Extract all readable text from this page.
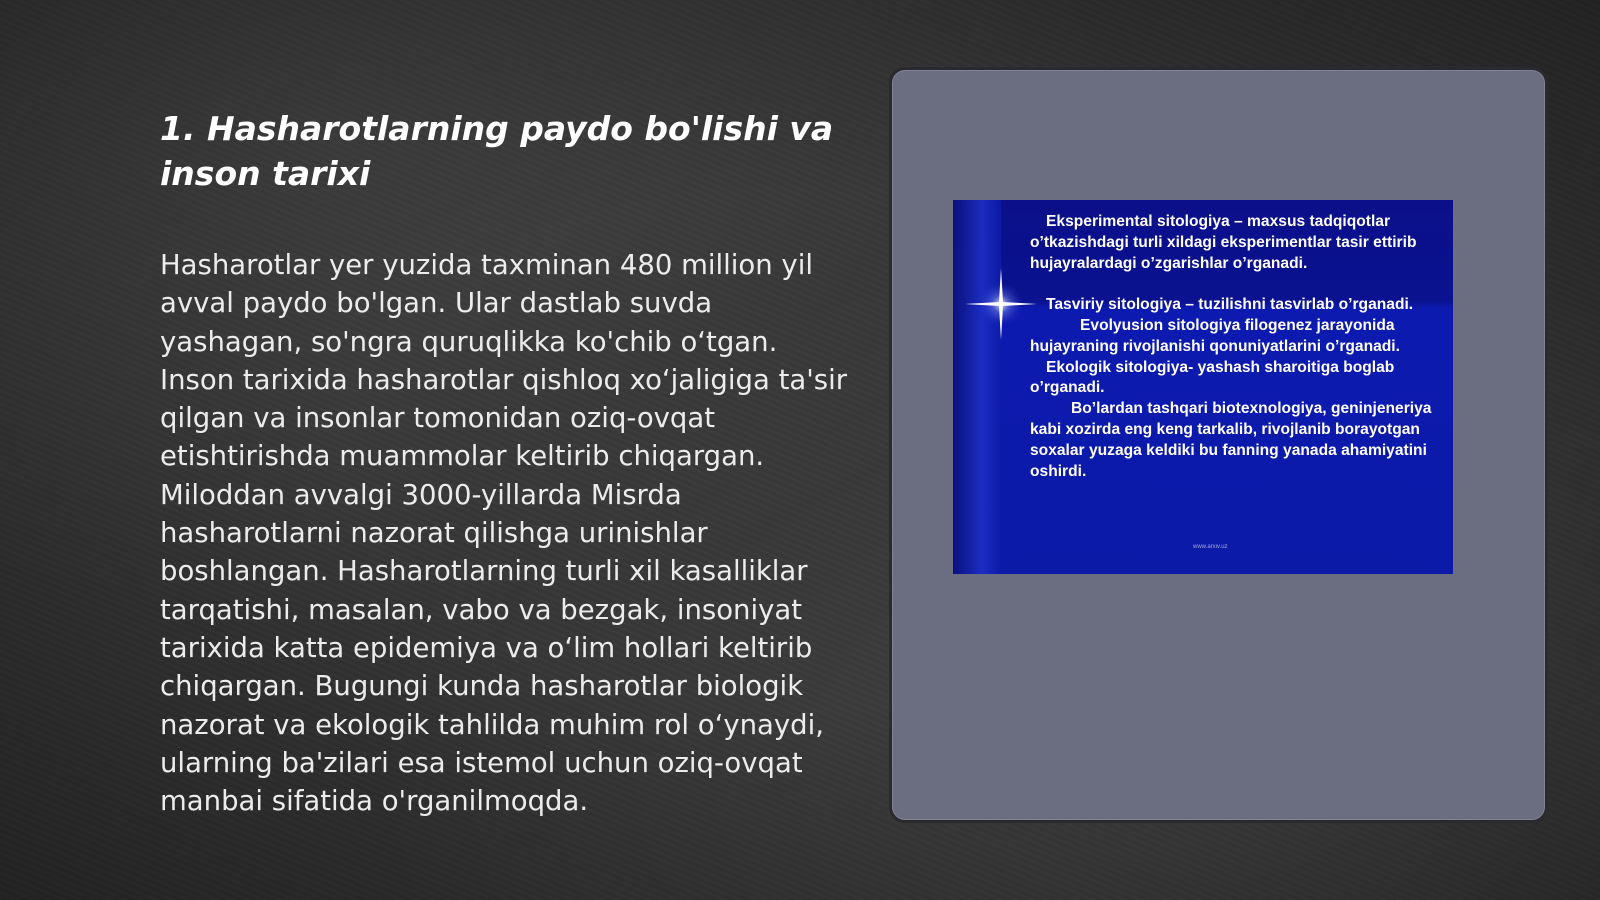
1. Hasharotlarning paydo bo'lishi va inson tarixi
Hasharotlar yer yuzida taxminan 480 million yil avval paydo bo'lgan. Ular dastlab suvda yashagan, so'ngra quruqlikka ko'chib o‘tgan. Inson tarixida hasharotlar qishloq xo‘jaligiga ta'sir qilgan va insonlar tomonidan oziq-ovqat etishtirishda muammolar keltirib chiqargan. Miloddan avvalgi 3000-yillarda Misrda hasharotlarni nazorat qilishga urinishlar boshlangan. Hasharotlarning turli xil kasalliklar tarqatishi, masalan, vabo va bezgak, insoniyat tarixida katta epidemiya va o‘lim hollari keltirib chiqargan. Bugungi kunda hasharotlar biologik nazorat va ekologik tahlilda muhim rol o‘ynaydi, ularning ba'zilari esa istemol uchun oziq-ovqat manbai sifatida o'rganilmoqda.

Eksperimental sitologiya – maxsus tadqiqotlar o’tkazishdagi turli xildagi eksperimentlar tasir ettirib hujayralardagi o’zgarishlar o’rganadi.

Tasviriy sitologiya – tuzilishni tasvirlab o’rganadi.

Evolyusion sitologiya filogenez jarayonida hujayraning rivojlanishi qonuniyatlarini o’rganadi.

Ekologik sitologiya- yashash sharoitiga boglab o’rganadi.

Bo’lardan tashqari biotexnologiya, geninjeneriya kabi xozirda eng keng tarkalib, rivojlanib borayotgan soxalar yuzaga keldiki bu fanning yanada ahamiyatini oshirdi.

www.arxiv.uz
